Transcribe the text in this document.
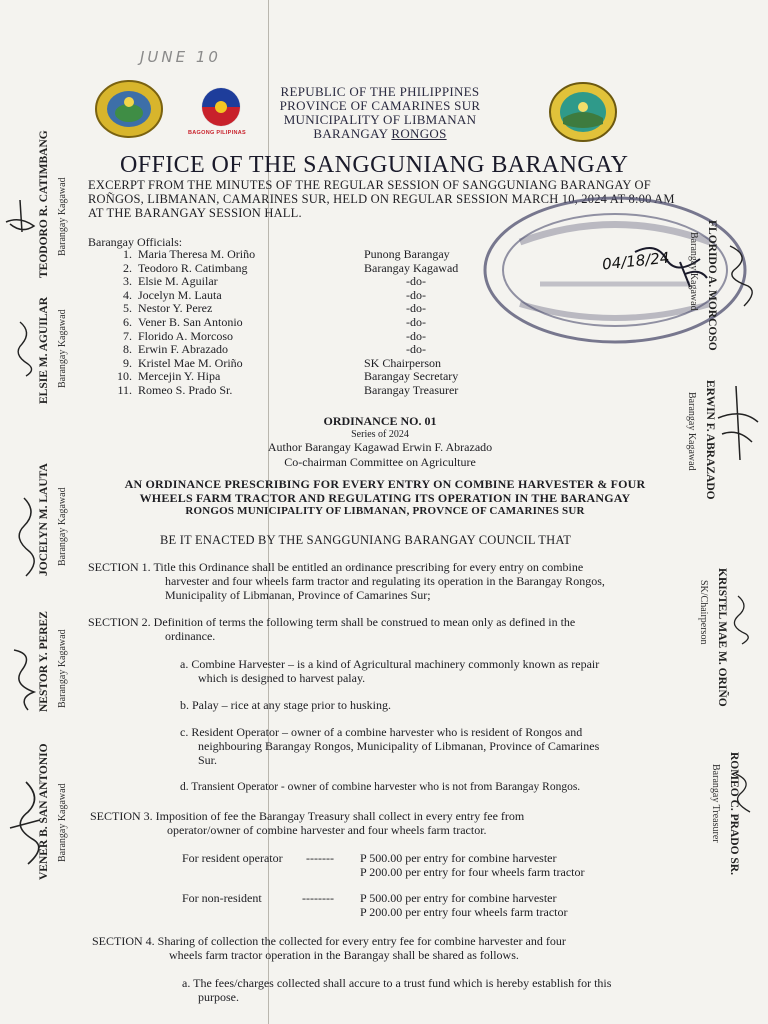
JUNE 10
BAGONG PILIPINAS
REPUBLIC OF THE PHILIPPINES
PROVINCE OF CAMARINES SUR
MUNICIPALITY OF LIBMANAN
BARANGAY RONGOS
OFFICE OF THE SANGGUNIANG BARANGAY
EXCERPT FROM THE MINUTES OF THE REGULAR SESSION OF SANGGUNIANG BARANGAY OF ROÑGOS, LIBMANAN, CAMARINES SUR, HELD ON REGULAR SESSION MARCH 10, 2024 AT 8:00 AM AT THE BARANGAY SESSION HALL.
04/18/24
Barangay Officials:
1. Maria Theresa M. Oriño	Punong Barangay
2. Teodoro R. Catimbang	Barangay Kagawad
3. Elsie M. Aguilar	-do-
4. Jocelyn M. Lauta	-do-
5. Nestor Y. Perez	-do-
6. Vener B. San Antonio	-do-
7. Florido A. Morcoso	-do-
8. Erwin F. Abrazado	-do-
9. Kristel Mae M. Oriño	SK Chairperson
10. Mercejin Y. Hipa	Barangay Secretary
11. Romeo S. Prado Sr.	Barangay Treasurer
ORDINANCE NO. 01
Series of 2024
Author Barangay Kagawad Erwin F. Abrazado
Co-chairman Committee on Agriculture
AN ORDINANCE PRESCRIBING FOR EVERY ENTRY ON COMBINE HARVESTER & FOUR
WHEELS FARM TRACTOR AND REGULATING ITS OPERATION IN THE BARANGAY
RONGOS MUNICIPALITY OF LIBMANAN, PROVNCE OF CAMARINES SUR
BE IT ENACTED BY THE SANGGUNIANG BARANGAY COUNCIL THAT
SECTION 1. Title this Ordinance shall be entitled an ordinance prescribing for every entry on combine
harvester and four wheels farm tractor and regulating its operation in the Barangay Rongos,
Municipality of Libmanan, Province of Camarines Sur;
SECTION 2. Definition of terms the following term shall be construed to mean only as defined in the
ordinance.
a. Combine Harvester – is a kind of Agricultural machinery commonly known as repair
which is designed to harvest palay.
b. Palay – rice at any stage prior to husking.
c. Resident Operator – owner of a combine harvester who is resident of Rongos and
neighbouring Barangay Rongos, Municipality of Libmanan, Province of Camarines
Sur.
d. Transient Operator - owner of combine harvester who is not from Barangay Rongos.
SECTION 3. Imposition of fee the Barangay Treasury shall collect in every entry fee from
operator/owner of combine harvester and four wheels farm tractor.
For resident operator	-------	P 500.00 per entry for combine harvester
P 200.00 per entry for four wheels farm tractor
For non-resident	--------	P 500.00 per entry for combine harvester
P 200.00 per entry four wheels farm tractor
SECTION 4. Sharing of collection the collected for every entry fee for combine harvester and four
wheels farm tractor operation in the Barangay shall be shared as follows.
a. The fees/charges collected shall accure to a trust fund which is hereby establish for this
purpose.
TEODORO R. CATIMBANG Barangay Kagawad
ELSIE M. AGUILAR Barangay Kagawad
JOCELYN M. LAUTA Barangay Kagawad
NESTOR Y. PEREZ Barangay Kagawad
VENER B. SAN ANTONIO Barangay Kagawad
FLORIDO A. MORCOSO
Barangay Kagawad
ERWIN F. ABRAZADO
Barangay Kagawad
KRISTEL MAE M. ORIÑO
SK/Chairperson
ROMEO C. PRADO SR.
Barangay Treasurer
